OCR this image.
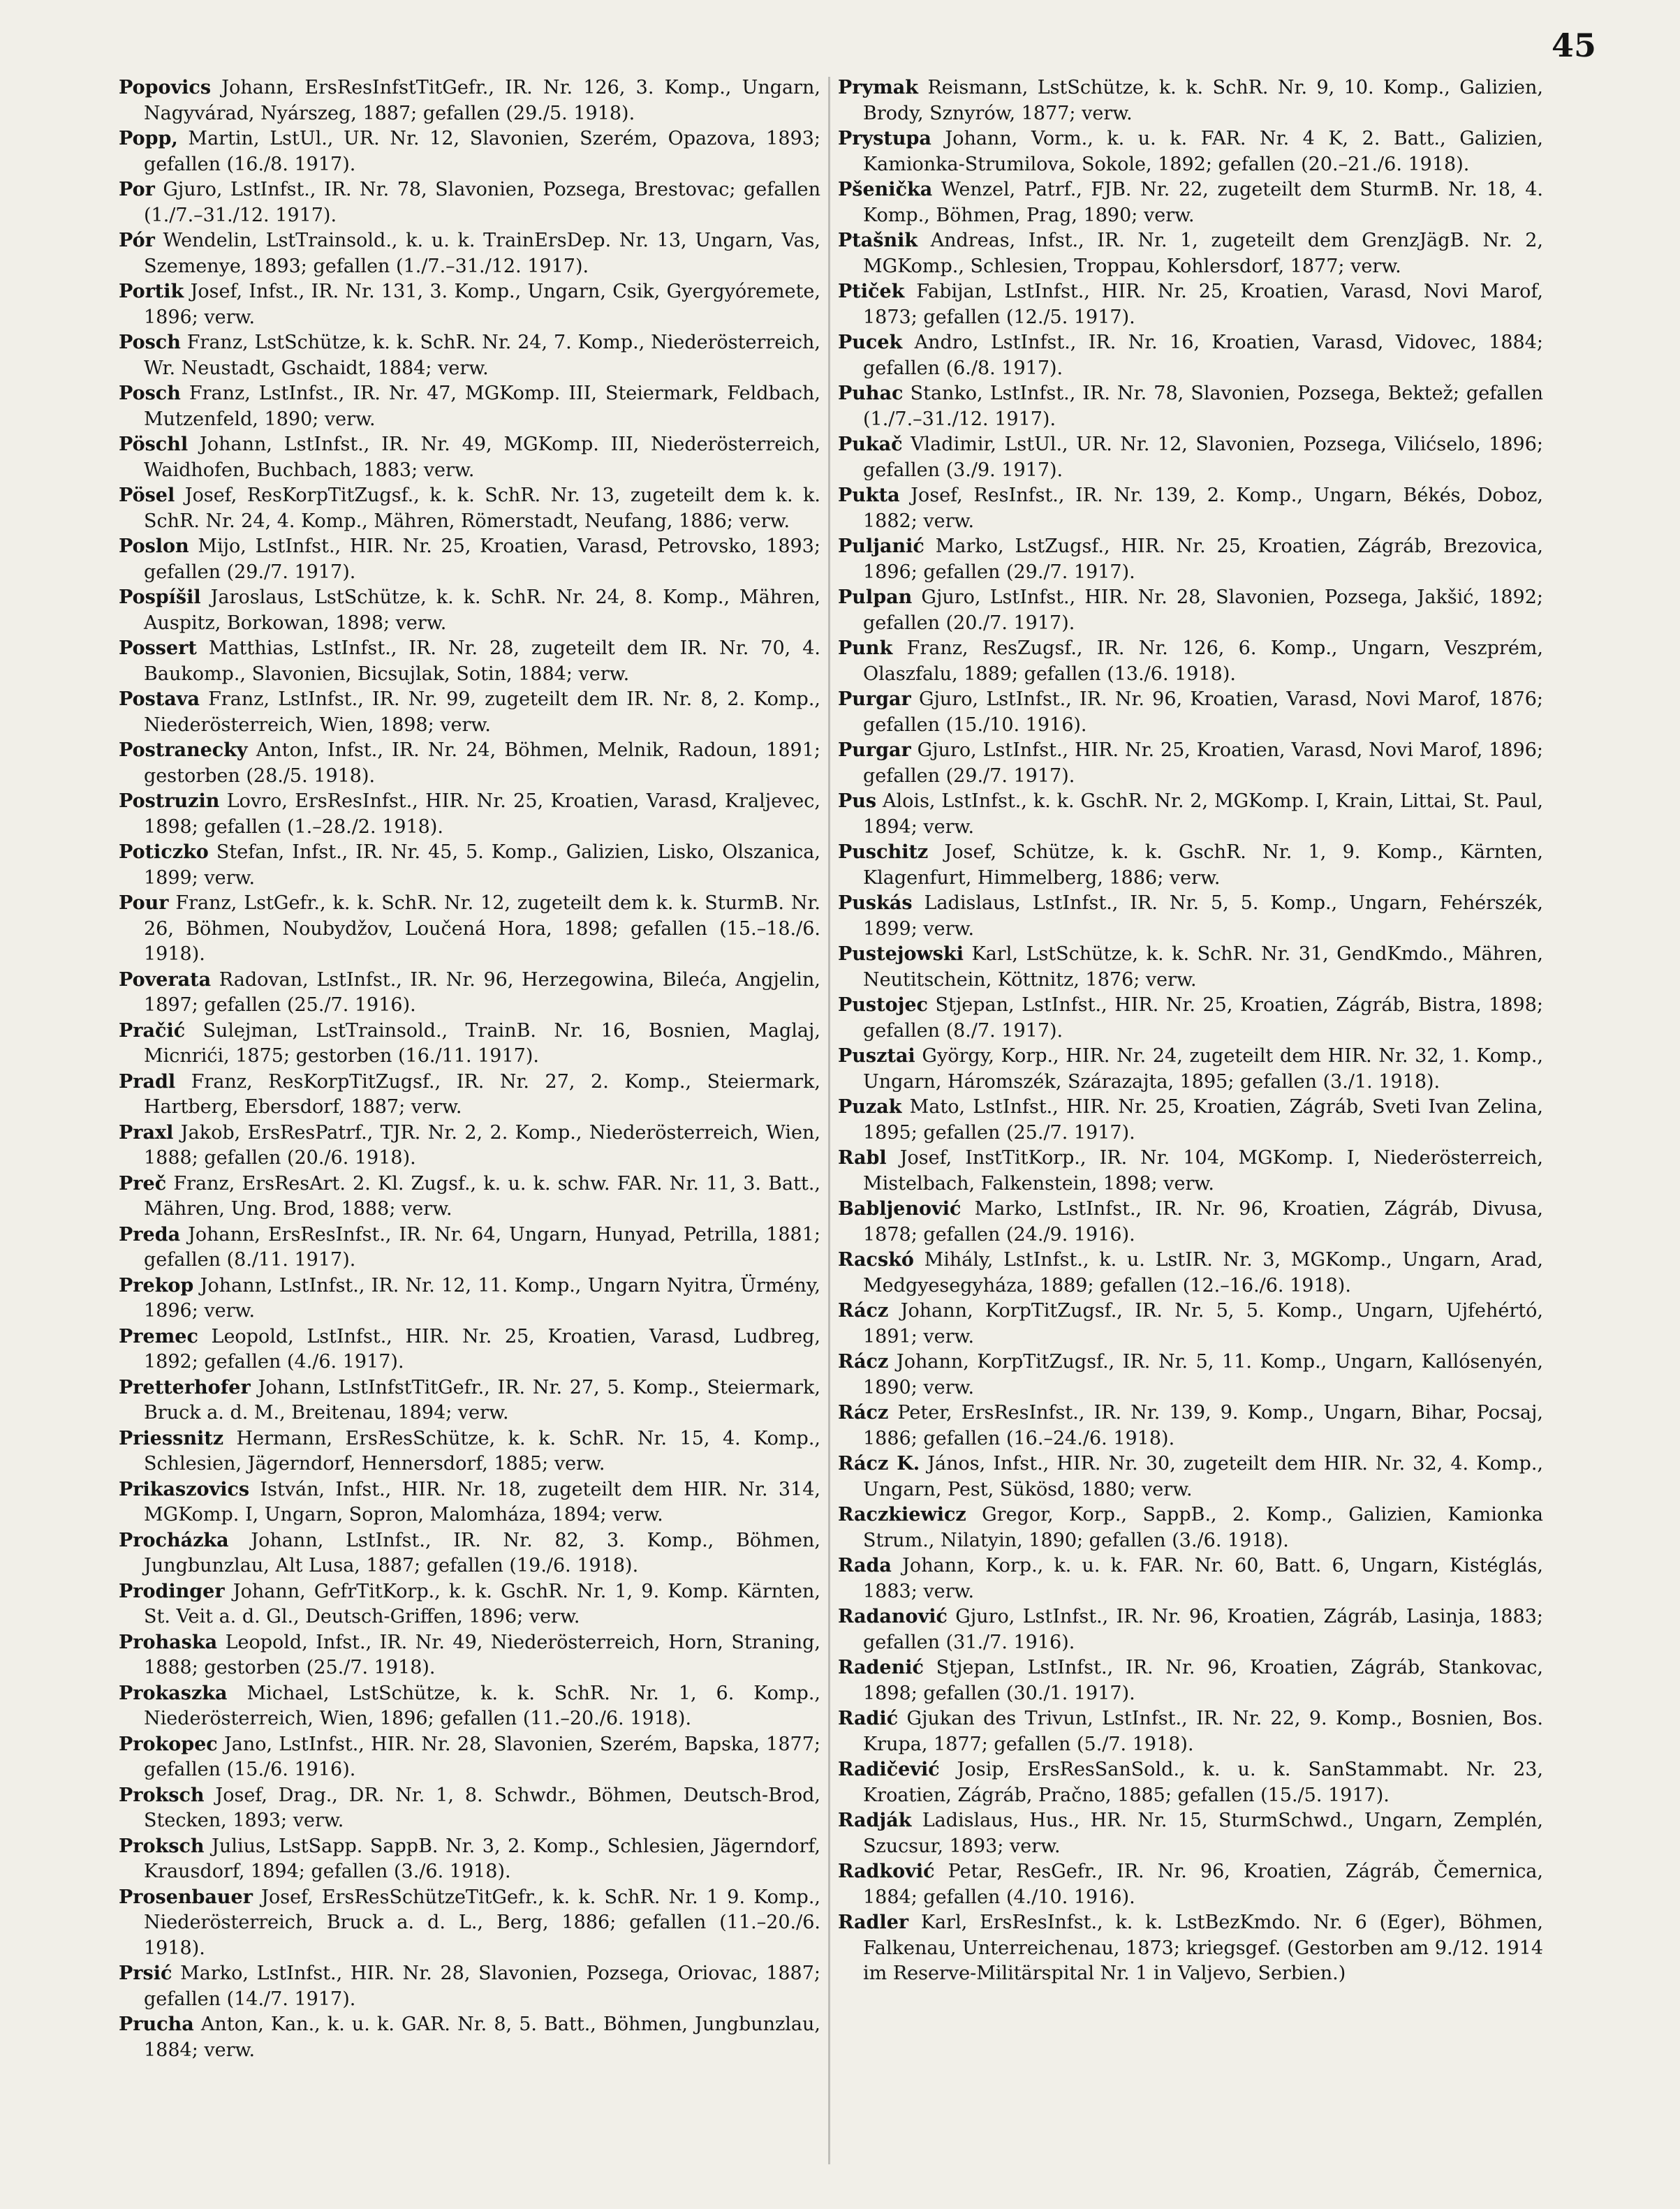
45

Popovics Johann, ErsResInfstTitGefr., IR. Nr. 126, 3. Komp., Ungarn, Nagyvárad, Nyárszeg, 1887; gefallen (29./5. 1918).

Popp, Martin, LstUl., UR. Nr. 12, Slavonien, Szerém, Opazova, 1893; gefallen (16./8. 1917).

Por Gjuro, LstInfst., IR. Nr. 78, Slavonien, Pozsega, Brestovac; gefallen (1./7.–31./12. 1917).

Pór Wendelin, LstTrainsold., k. u. k. TrainErsDep. Nr. 13, Ungarn, Vas, Szemenye, 1893; gefallen (1./7.–31./12. 1917).

Portik Josef, Infst., IR. Nr. 131, 3. Komp., Ungarn, Csik, Gyergyóremete, 1896; verw.

Posch Franz, LstSchütze, k. k. SchR. Nr. 24, 7. Komp., Niederösterreich, Wr. Neustadt, Gschaidt, 1884; verw.

Posch Franz, LstInfst., IR. Nr. 47, MGKomp. III, Steiermark, Feldbach, Mutzenfeld, 1890; verw.

Pöschl Johann, LstInfst., IR. Nr. 49, MGKomp. III, Niederösterreich, Waidhofen, Buchbach, 1883; verw.

Pösel Josef, ResKorpTitZugsf., k. k. SchR. Nr. 13, zugeteilt dem k. k. SchR. Nr. 24, 4. Komp., Mähren, Römerstadt, Neufang, 1886; verw.

Poslon Mijo, LstInfst., HIR. Nr. 25, Kroatien, Varasd, Petrovsko, 1893; gefallen (29./7. 1917).

Pospíšil Jaroslaus, LstSchütze, k. k. SchR. Nr. 24, 8. Komp., Mähren, Auspitz, Borkowan, 1898; verw.

Possert Matthias, LstInfst., IR. Nr. 28, zugeteilt dem IR. Nr. 70, 4. Baukomp., Slavonien, Bicsujlak, Sotin, 1884; verw.

Postava Franz, LstInfst., IR. Nr. 99, zugeteilt dem IR. Nr. 8, 2. Komp., Niederösterreich, Wien, 1898; verw.

Postranecky Anton, Infst., IR. Nr. 24, Böhmen, Melnik, Radoun, 1891; gestorben (28./5. 1918).

Postruzin Lovro, ErsResInfst., HIR. Nr. 25, Kroatien, Varasd, Kraljevec, 1898; gefallen (1.–28./2. 1918).

Poticzko Stefan, Infst., IR. Nr. 45, 5. Komp., Galizien, Lisko, Olszanica, 1899; verw.

Pour Franz, LstGefr., k. k. SchR. Nr. 12, zugeteilt dem k. k. SturmB. Nr. 26, Böhmen, Noubydžov, Loučená Hora, 1898; gefallen (15.–18./6. 1918).

Poverata Radovan, LstInfst., IR. Nr. 96, Herzegowina, Bileća, Angjelin, 1897; gefallen (25./7. 1916).

Pračić Sulejman, LstTrainsold., TrainB. Nr. 16, Bosnien, Maglaj, Micnrići, 1875; gestorben (16./11. 1917).

Pradl Franz, ResKorpTitZugsf., IR. Nr. 27, 2. Komp., Steiermark, Hartberg, Ebersdorf, 1887; verw.

Praxl Jakob, ErsResPatrf., TJR. Nr. 2, 2. Komp., Niederösterreich, Wien, 1888; gefallen (20./6. 1918).

Preč Franz, ErsResArt. 2. Kl. Zugsf., k. u. k. schw. FAR. Nr. 11, 3. Batt., Mähren, Ung. Brod, 1888; verw.

Preda Johann, ErsResInfst., IR. Nr. 64, Ungarn, Hunyad, Petrilla, 1881; gefallen (8./11. 1917).

Prekop Johann, LstInfst., IR. Nr. 12, 11. Komp., Ungarn Nyitra, Ürmény, 1896; verw.

Premec Leopold, LstInfst., HIR. Nr. 25, Kroatien, Varasd, Ludbreg, 1892; gefallen (4./6. 1917).

Pretterhofer Johann, LstInfstTitGefr., IR. Nr. 27, 5. Komp., Steiermark, Bruck a. d. M., Breitenau, 1894; verw.

Priessnitz Hermann, ErsResSchütze, k. k. SchR. Nr. 15, 4. Komp., Schlesien, Jägerndorf, Hennersdorf, 1885; verw.

Prikaszovics István, Infst., HIR. Nr. 18, zugeteilt dem HIR. Nr. 314, MGKomp. I, Ungarn, Sopron, Malomháza, 1894; verw.

Procházka Johann, LstInfst., IR. Nr. 82, 3. Komp., Böhmen, Jungbunzlau, Alt Lusa, 1887; gefallen (19./6. 1918).

Prodinger Johann, GefrTitKorp., k. k. GschR. Nr. 1, 9. Komp. Kärnten, St. Veit a. d. Gl., Deutsch-Griffen, 1896; verw.

Prohaska Leopold, Infst., IR. Nr. 49, Niederösterreich, Horn, Straning, 1888; gestorben (25./7. 1918).

Prokaszka Michael, LstSchütze, k. k. SchR. Nr. 1, 6. Komp., Niederösterreich, Wien, 1896; gefallen (11.–20./6. 1918).

Prokopec Jano, LstInfst., HIR. Nr. 28, Slavonien, Szerém, Bapska, 1877; gefallen (15./6. 1916).

Proksch Josef, Drag., DR. Nr. 1, 8. Schwdr., Böhmen, Deutsch-Brod, Stecken, 1893; verw.

Proksch Julius, LstSapp. SappB. Nr. 3, 2. Komp., Schlesien, Jägerndorf, Krausdorf, 1894; gefallen (3./6. 1918).

Prosenbauer Josef, ErsResSchützeTitGefr., k. k. SchR. Nr. 1 9. Komp., Niederösterreich, Bruck a. d. L., Berg, 1886; gefallen (11.–20./6. 1918).

Prsić Marko, LstInfst., HIR. Nr. 28, Slavonien, Pozsega, Oriovac, 1887; gefallen (14./7. 1917).

Prucha Anton, Kan., k. u. k. GAR. Nr. 8, 5. Batt., Böhmen, Jungbunzlau, 1884; verw.

Prymak Reismann, LstSchütze, k. k. SchR. Nr. 9, 10. Komp., Galizien, Brody, Sznyrów, 1877; verw.

Prystupa Johann, Vorm., k. u. k. FAR. Nr. 4 K, 2. Batt., Galizien, Kamionka-Strumilova, Sokole, 1892; gefallen (20.–21./6. 1918).

Pšenička Wenzel, Patrf., FJB. Nr. 22, zugeteilt dem SturmB. Nr. 18, 4. Komp., Böhmen, Prag, 1890; verw.

Ptašnik Andreas, Infst., IR. Nr. 1, zugeteilt dem GrenzJägB. Nr. 2, MGKomp., Schlesien, Troppau, Kohlersdorf, 1877; verw.

Ptiček Fabijan, LstInfst., HIR. Nr. 25, Kroatien, Varasd, Novi Marof, 1873; gefallen (12./5. 1917).

Pucek Andro, LstInfst., IR. Nr. 16, Kroatien, Varasd, Vidovec, 1884; gefallen (6./8. 1917).

Puhac Stanko, LstInfst., IR. Nr. 78, Slavonien, Pozsega, Bektež; gefallen (1./7.–31./12. 1917).

Pukač Vladimir, LstUl., UR. Nr. 12, Slavonien, Pozsega, Vilićselo, 1896; gefallen (3./9. 1917).

Pukta Josef, ResInfst., IR. Nr. 139, 2. Komp., Ungarn, Békés, Doboz, 1882; verw.

Puljanić Marko, LstZugsf., HIR. Nr. 25, Kroatien, Zágráb, Brezovica, 1896; gefallen (29./7. 1917).

Pulpan Gjuro, LstInfst., HIR. Nr. 28, Slavonien, Pozsega, Jakšić, 1892; gefallen (20./7. 1917).

Punk Franz, ResZugsf., IR. Nr. 126, 6. Komp., Ungarn, Veszprém, Olaszfalu, 1889; gefallen (13./6. 1918).

Purgar Gjuro, LstInfst., IR. Nr. 96, Kroatien, Varasd, Novi Marof, 1876; gefallen (15./10. 1916).

Purgar Gjuro, LstInfst., HIR. Nr. 25, Kroatien, Varasd, Novi Marof, 1896; gefallen (29./7. 1917).

Pus Alois, LstInfst., k. k. GschR. Nr. 2, MGKomp. I, Krain, Littai, St. Paul, 1894; verw.

Puschitz Josef, Schütze, k. k. GschR. Nr. 1, 9. Komp., Kärnten, Klagenfurt, Himmelberg, 1886; verw.

Puskás Ladislaus, LstInfst., IR. Nr. 5, 5. Komp., Ungarn, Fehérszék, 1899; verw.

Pustejowski Karl, LstSchütze, k. k. SchR. Nr. 31, GendKmdo., Mähren, Neutitschein, Köttnitz, 1876; verw.

Pustojec Stjepan, LstInfst., HIR. Nr. 25, Kroatien, Zágráb, Bistra, 1898; gefallen (8./7. 1917).

Pusztai György, Korp., HIR. Nr. 24, zugeteilt dem HIR. Nr. 32, 1. Komp., Ungarn, Háromszék, Szárazajta, 1895; gefallen (3./1. 1918).

Puzak Mato, LstInfst., HIR. Nr. 25, Kroatien, Zágráb, Sveti Ivan Zelina, 1895; gefallen (25./7. 1917).

Rabl Josef, InstTitKorp., IR. Nr. 104, MGKomp. I, Niederösterreich, Mistelbach, Falkenstein, 1898; verw.

Babljenović Marko, LstInfst., IR. Nr. 96, Kroatien, Zágráb, Divusa, 1878; gefallen (24./9. 1916).

Racskó Mihály, LstInfst., k. u. LstIR. Nr. 3, MGKomp., Ungarn, Arad, Medgyesegyháza, 1889; gefallen (12.–16./6. 1918).

Rácz Johann, KorpTitZugsf., IR. Nr. 5, 5. Komp., Ungarn, Ujfehértó, 1891; verw.

Rácz Johann, KorpTitZugsf., IR. Nr. 5, 11. Komp., Ungarn, Kallósenyén, 1890; verw.

Rácz Peter, ErsResInfst., IR. Nr. 139, 9. Komp., Ungarn, Bihar, Pocsaj, 1886; gefallen (16.–24./6. 1918).

Rácz K. János, Infst., HIR. Nr. 30, zugeteilt dem HIR. Nr. 32, 4. Komp., Ungarn, Pest, Sükösd, 1880; verw.

Raczkiewicz Gregor, Korp., SappB., 2. Komp., Galizien, Kamionka Strum., Nilatyin, 1890; gefallen (3./6. 1918).

Rada Johann, Korp., k. u. k. FAR. Nr. 60, Batt. 6, Ungarn, Kistéglás, 1883; verw.

Radanović Gjuro, LstInfst., IR. Nr. 96, Kroatien, Zágráb, Lasinja, 1883; gefallen (31./7. 1916).

Radenić Stjepan, LstInfst., IR. Nr. 96, Kroatien, Zágráb, Stankovac, 1898; gefallen (30./1. 1917).

Radić Gjukan des Trivun, LstInfst., IR. Nr. 22, 9. Komp., Bosnien, Bos. Krupa, 1877; gefallen (5./7. 1918).

Radičević Josip, ErsResSanSold., k. u. k. SanStammabt. Nr. 23, Kroatien, Zágráb, Pračno, 1885; gefallen (15./5. 1917).

Radják Ladislaus, Hus., HR. Nr. 15, SturmSchwd., Ungarn, Zemplén, Szucsur, 1893; verw.

Radković Petar, ResGefr., IR. Nr. 96, Kroatien, Zágráb, Čemernica, 1884; gefallen (4./10. 1916).

Radler Karl, ErsResInfst., k. k. LstBezKmdo. Nr. 6 (Eger), Böhmen, Falkenau, Unterreichenau, 1873; kriegsgef. (Gestorben am 9./12. 1914 im Reserve-Militärspital Nr. 1 in Valjevo, Serbien.)
